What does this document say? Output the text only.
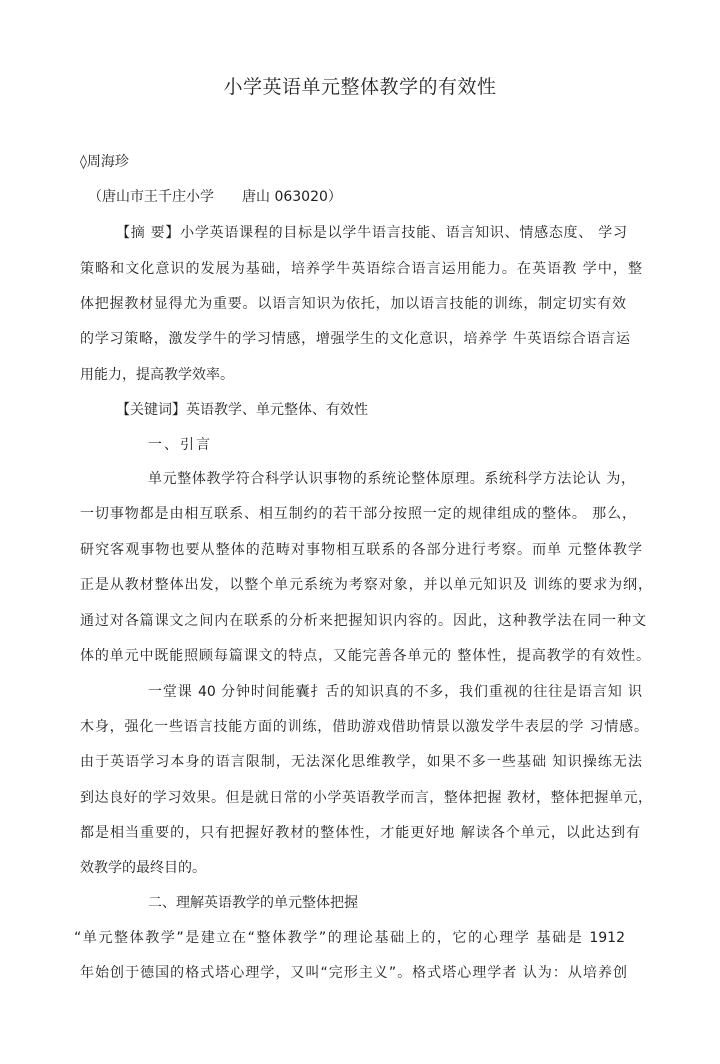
小学英语单元整体教学的有效性
◊周海珍
（唐山市王千庄小学　　唐山 063020）
【摘 要】小学英语课程的目标是以学牛语言技能、语言知识、情感态度、 学习
策略和文化意识的发展为基础，培养学牛英语综合语言运用能力。在英语教 学中，整
体把握教材显得尤为重要。以语言知识为依托，加以语言技能的训练，制定切实有效
的学习策略，激发学牛的学习情感，增强学生的文化意识，培养学 牛英语综合语言运
用能力，提高教学效率。
【关键词】英语教学、单元整体、有效性
一、引言
单元整体教学符合科学认识事物的系统论整体原理。系统科学方法论认 为，
一切事物都是由相互联系、相互制约的若干部分按照一定的规律组成的整体。 那么，
研究客观事物也要从整体的范畴对事物相互联系的各部分进行考察。而单 元整体教学
正是从教材整体出发，以整个单元系统为考察对象，并以单元知识及 训练的要求为纲，
通过对各篇课文之间内在联系的分析来把握知识内容的。因此，这种教学法在同一种文
体的单元中既能照顾每篇课文的特点，又能完善各单元的 整体性，提高教学的有效性。
一堂课 40 分钟时间能囊扌舌的知识真的不多，我们重视的往往是语言知 识
木身，强化一些语言技能方面的训练，借助游戏借助情景以激发学牛表层的学 习情感。
由于英语学习本身的语言限制，无法深化思维教学，如果不多一些基础 知识操练无法
到达良好的学习效果。但是就日常的小学英语教学而言，整体把握 教材，整体把握单元，
都是相当重要的，只有把握好教材的整体性，才能更好地 解读各个单元，以此达到有
效教学的最终目的。
二、理解英语教学的单元整体把握
“单元整体教学”是建立在“整体教学”的理论基础上的，它的心理学 基础是 1912
年始创于德国的格式塔心理学，又叫“完形主义”。格式塔心理学者 认为：从培养创
